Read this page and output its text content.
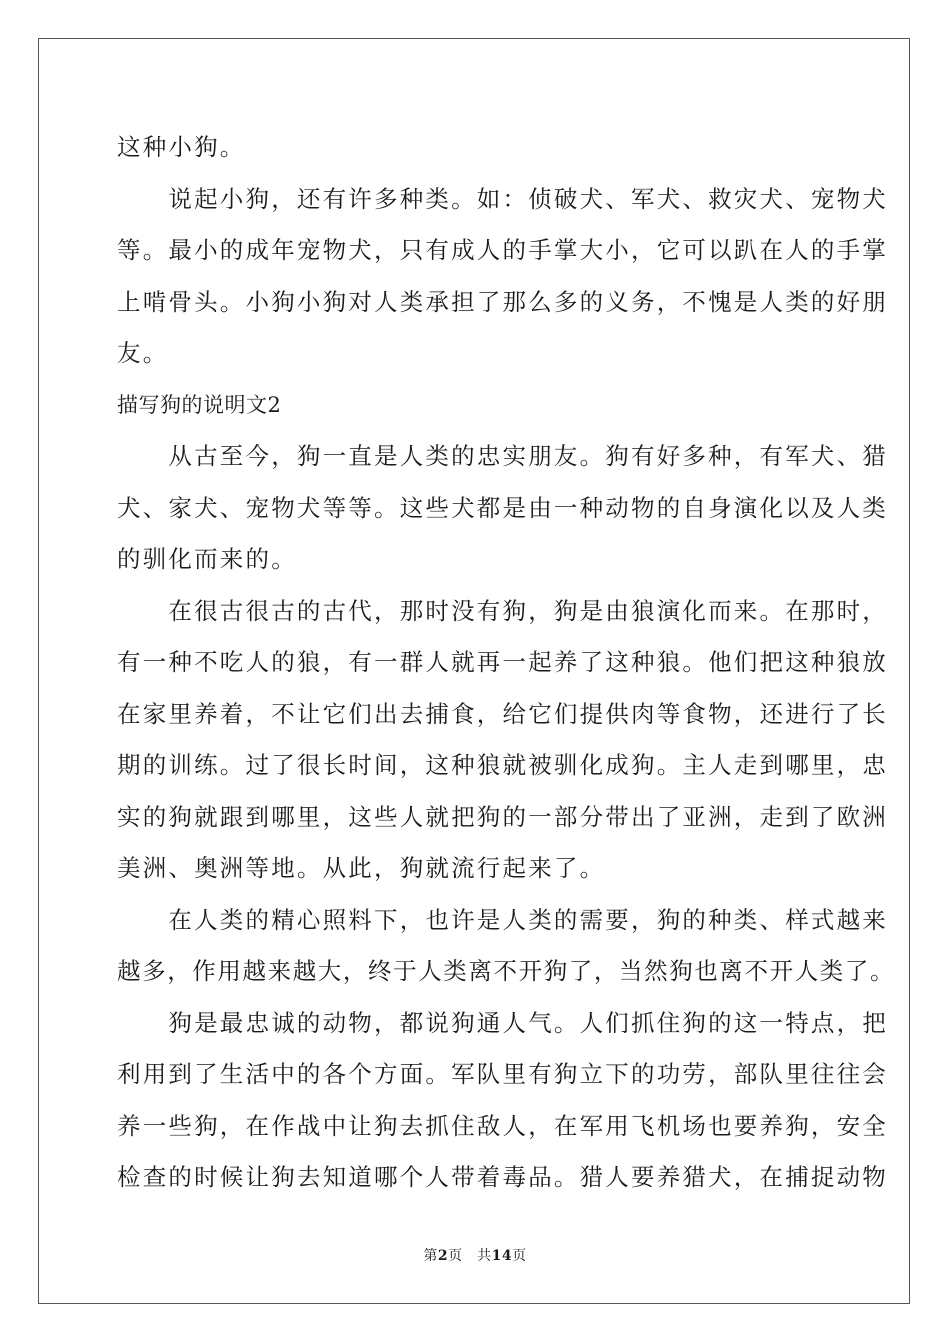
这种小狗。
　　说起小狗，还有许多种类。如：侦破犬、军犬、救灾犬、宠物犬
等。最小的成年宠物犬，只有成人的手掌大小，它可以趴在人的手掌
上啃骨头。小狗小狗对人类承担了那么多的义务，不愧是人类的好朋
友。
描写狗的说明文2
　　从古至今，狗一直是人类的忠实朋友。狗有好多种，有军犬、猎
犬、家犬、宠物犬等等。这些犬都是由一种动物的自身演化以及人类
的驯化而来的。
　　在很古很古的古代，那时没有狗，狗是由狼演化而来。在那时，
有一种不吃人的狼，有一群人就再一起养了这种狼。他们把这种狼放
在家里养着，不让它们出去捕食，给它们提供肉等食物，还进行了长
期的训练。过了很长时间，这种狼就被驯化成狗。主人走到哪里，忠
实的狗就跟到哪里，这些人就把狗的一部分带出了亚洲，走到了欧洲
美洲、奥洲等地。从此，狗就流行起来了。
　　在人类的精心照料下，也许是人类的需要，狗的种类、样式越来
越多，作用越来越大，终于人类离不开狗了，当然狗也离不开人类了。
　　狗是最忠诚的动物，都说狗通人气。人们抓住狗的这一特点，把
利用到了生活中的各个方面。军队里有狗立下的功劳，部队里往往会
养一些狗，在作战中让狗去抓住敌人，在军用飞机场也要养狗，安全
检查的时候让狗去知道哪个人带着毒品。猎人要养猎犬，在捕捉动物
第2页　共14页
